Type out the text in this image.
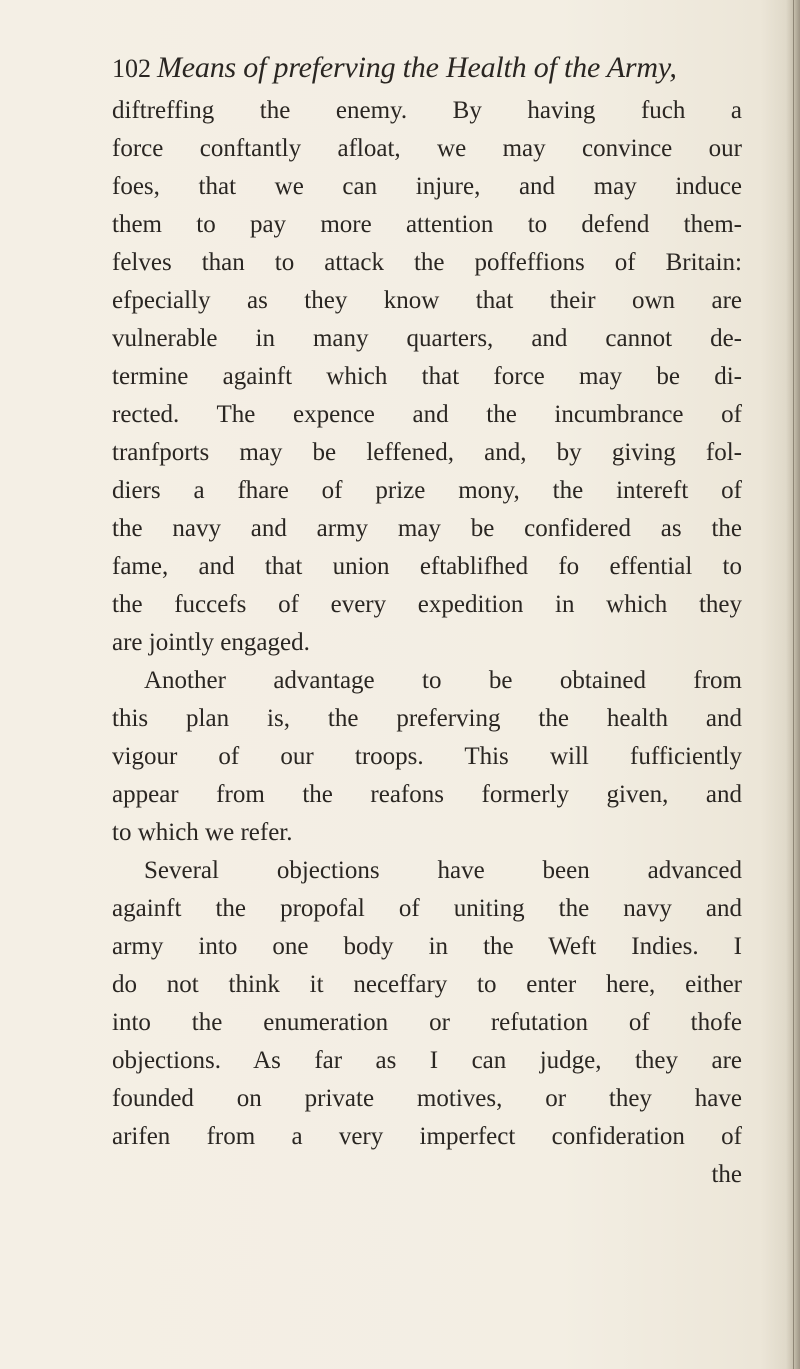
102 Means of preferving the Health of the Army,
diftreffing the enemy. By having fuch a
force conftantly afloat, we may convince our
foes, that we can injure, and may induce
them to pay more attention to defend them-
felves than to attack the poffeffions of Britain:
efpecially as they know that their own are
vulnerable in many quarters, and cannot de-
termine againft which that force may be di-
rected. The expence and the incumbrance of
tranfports may be leffened, and, by giving fol-
diers a fhare of prize mony, the intereft of
the navy and army may be confidered as the
fame, and that union eftablifhed fo effential to
the fuccefs of every expedition in which they
are jointly engaged.
Another advantage to be obtained from
this plan is, the preferving the health and
vigour of our troops. This will fufficiently
appear from the reafons formerly given, and
to which we refer.
Several objections have been advanced
againft the propofal of uniting the navy and
army into one body in the Weft Indies. I
do not think it neceffary to enter here, either
into the enumeration or refutation of thofe
objections. As far as I can judge, they are
founded on private motives, or they have
arifen from a very imperfect confideration of
the
